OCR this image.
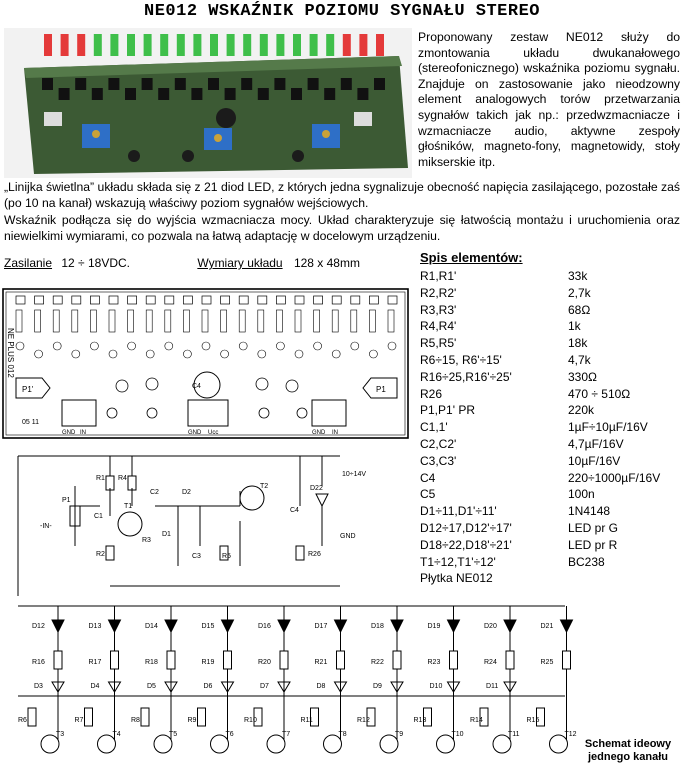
NE012 WSKAŹNIK POZIOMU SYGNAŁU STEREO
Proponowany zestaw NE012 służy do zmontowania układu dwukanałowego (stereofonicznego) wskaźnika poziomu sygnału. Znajduje on zastosowanie jako nieodzowny element analogowych torów przetwarzania sygnałów takich jak np.: przedwzmacniacze i wzmacniacze audio, aktywne zespoły głośników, magneto-fony, magnetowidy, stoły mikserskie itp.
„Linijka świetlna” układu składa się z 21 diod LED, z których jedna sygnalizuje obecność napięcia zasilającego, pozostałe zaś (po 10 na kanał) wskazują właściwy poziom sygnałów wejściowych.
Wskaźnik podłącza się do wyjścia wzmacniacza mocy. Układ charakteryzuje się łatwością montażu i uruchomienia oraz niewielkimi wymiarami, co pozwala na łatwą adaptację w docelowym urządzeniu.
Zasilanie 12 ÷ 18VDC.	Wymiary układu 128 x 48mm	Spis elementów:
R1,R1'	33k
R2,R2'	2,7k
R3,R3'	68Ω
R4,R4'	1k
R5,R5'	18k
R6÷15, R6'÷15'	4,7k
R16÷25,R16'÷25'	330Ω
R26	470 ÷ 510Ω
P1,P1' PR	220k
C1,1'	1µF÷10µF/16V
C2,C2'	4,7µF/16V
C3,C3'	10µF/16V
C4	220÷1000µF/16V
C5	100n
D1÷11,D1'÷11'	1N4148
D12÷17,D12'÷17'	LED pr G
D18÷22,D18'÷21'	LED pr R
T1÷12,T1'÷12'	BC238
Płytka NE012
NE PLUS 012
P1'	P1
C4
GND IN	GND Ucc	GND IN
05 11
P1
C1
T1
R1
R2
R3
R4
C2	D2
D1
C3	R5
T2
C4
D22
R26
D12
R16
R6
T3
D3
D13
R17
R7
T4
D4
D14
R18
R8
T5
D5
D15
R19
R9
T6
D6
D16
R20
R10
T7
D7
D17
R21
R11
T8
D8
D18
R22
R12
T9
D9
D19
R23
R13
T10
D10
D20
R24
R14
T11
D11
D21
R25
R15
T12
10÷14V
GND
-IN-
Schemat ideowy
jednego kanału
